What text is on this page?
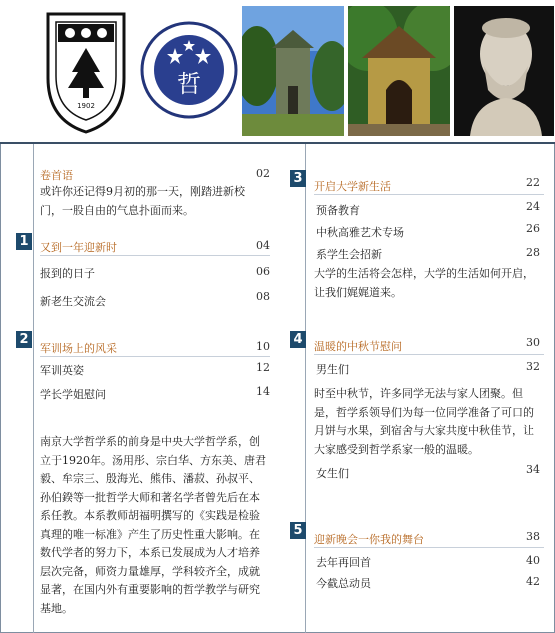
1902
哲
卷首语	02
或许你还记得9月初的那一天，刚踏进新校门，一股自由的气息扑面而来。
1	又到一年迎新时	04
报到的日子	06
新老生交流会	08
2
军训场上的风采	10
军训英姿	12
学长学姐慰问	14
南京大学哲学系的前身是中央大学哲学系，创立于1920年。汤用彤、宗白华、方东美、唐君毅、牟宗三、殷海光、熊伟、潘菽、孙叔平、孙伯鍨等一批哲学大师和著名学者曾先后在本系任教。本系教师胡福明撰写的《实践是检验真理的唯一标准》产生了历史性重大影响。在数代学者的努力下，本系已发展成为人才培养层次完备，师资力量雄厚，学科较齐全，成就显著，在国内外有重要影响的哲学教学与研究基地。
3
开启大学新生活	22
预备教育	24
中秋高雅艺术专场	26
系学生会招新	28
大学的生活将会怎样，大学的生活如何开启，让我们娓娓道来。
4	温暖的中秋节慰问	30
男生们	32
时至中秋节，许多同学无法与家人团聚。但是，哲学系领导们为每一位同学准备了可口的月饼与水果，到宿舍与大家共度中秋佳节，让大家感受到哲学系家一般的温暖。
女生们	34
5
迎新晚会一你我的舞台	38
去年再回首	40
今截总动员	42
